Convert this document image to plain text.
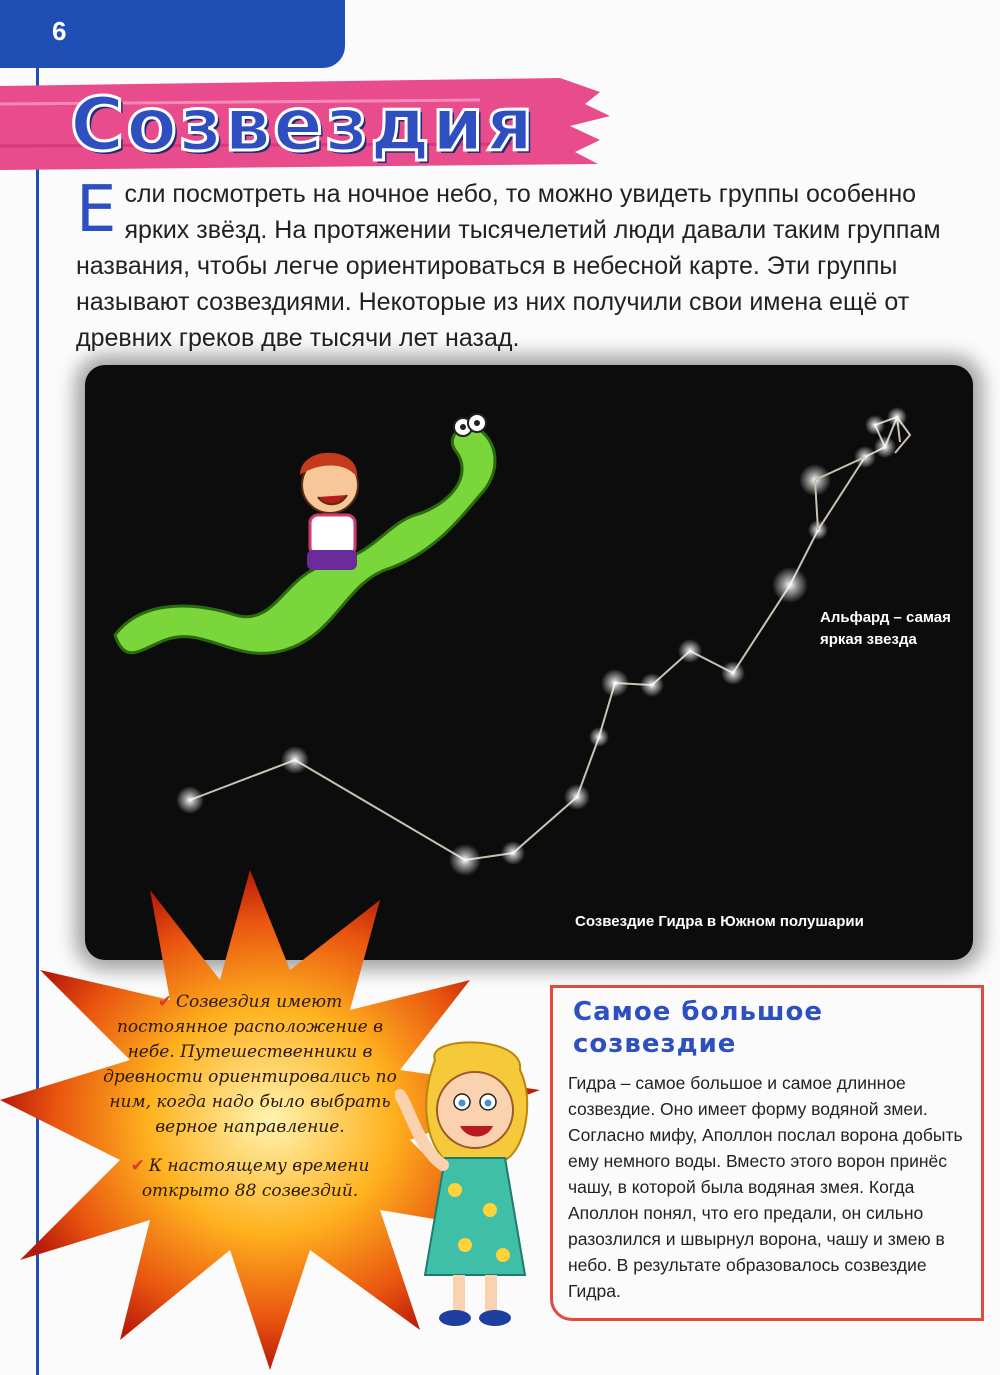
6
Созвездия
Если посмотреть на ночное небо, то можно увидеть группы особенно ярких звёзд. На протяжении тысячелетий люди давали таким группам названия, чтобы легче ориентироваться в небесной карте. Эти группы называют созвездиями. Некоторые из них получили свои имена ещё от древних греков две тысячи лет назад.
Альфард – самая яркая звезда
Созвездие Гидра в Южном полушарии

✔ Созвездия имеют постоянное расположение в небе. Путешественники в древности ориентировались по ним, когда надо было выбрать верное направление.

✔ К настоящему времени открыто 88 созвездий.

Самое большое созвездие

Гидра – самое большое и самое длинное созвездие. Оно имеет форму водяной змеи. Согласно мифу, Аполлон послал ворона добыть ему немного воды. Вместо этого ворон принёс чашу, в которой была водяная змея. Когда Аполлон понял, что его предали, он сильно разозлился и швырнул ворона, чашу и змею в небо. В результате образовалось созвездие Гидра.
